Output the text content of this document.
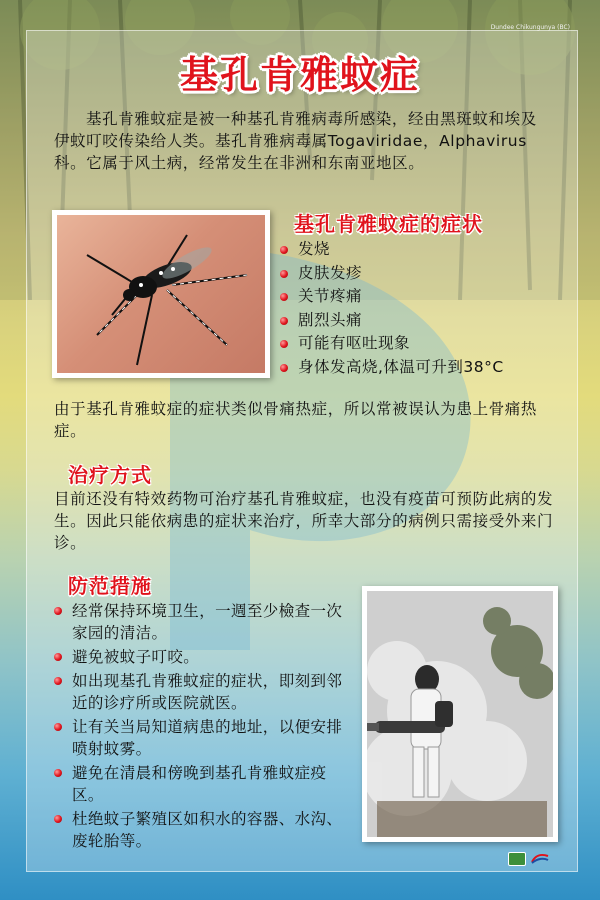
Dundee Chikungunya (BC)
基孔肯雅蚊症
基孔肯雅蚊症是被一种基孔肯雅病毒所感染，经由黑斑蚊和埃及伊蚊叮咬传染给人类。基孔肯雅病毒属Togaviridae，Alphavirus科。它属于风土病，经常发生在非洲和东南亚地区。
基孔肯雅蚊症的症状
发烧
皮肤发疹
关节疼痛
剧烈头痛
可能有呕吐现象
身体发高烧,体温可升到38°C
由于基孔肯雅蚊症的症状类似骨痛热症，所以常被误认为患上骨痛热症。
治疗方式
目前还没有特效药物可治疗基孔肯雅蚊症，也没有疫苗可预防此病的发生。因此只能依病患的症状来治疗，所幸大部分的病例只需接受外来门诊。
防范措施
经常保持环境卫生，一週至少檢查一次家园的清洁。
避免被蚊子叮咬。
如出现基孔肯雅蚊症的症状，即刻到邻近的诊疗所或医院就医。
让有关当局知道病患的地址，以便安排喷射蚊雾。
避免在清晨和傍晚到基孔肯雅蚊症疫区。
杜绝蚊子繁殖区如积水的容器、水沟、废轮胎等。
